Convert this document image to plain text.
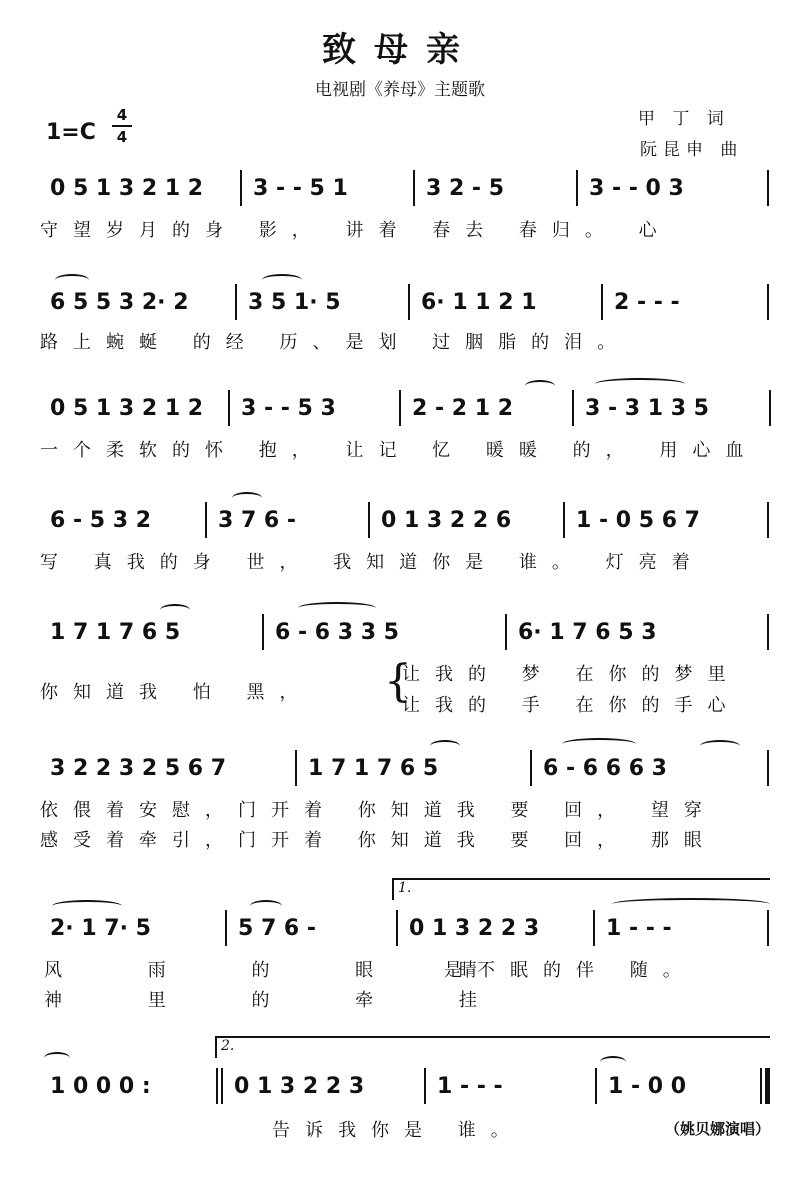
致母亲
电视剧《养母》主题歌
甲 丁 词
阮昆申 曲
1=C
4
4
0 5 1 3 2 1 2	3 - - 5 1	3 2 - 5	3 - - 0 3
守望岁月的身 影， 讲着 春去 春归。 心
6 5 5 3 2· 2	3 5 1· 5	6· 1 1 2 1	2 - - -
路上蜿蜒 的经 历、是划 过胭脂的泪。
0 5 1 3 2 1 2	3 - - 5 3	2 - 2 1 2	3 - 3 1 3 5
一个柔软的怀 抱， 让记 忆 暖暖 的， 用心血
6 - 5 3 2	3 7 6 -	0 1 3 2 2 6	1 - 0 5 6 7
写 真我的身 世， 我知道你是 谁。 灯亮着
1 7 1 7 6 5	6 - 6 3 3 5	6· 1 7 6 5 3
你知道我 怕 黑， {
让我的 梦 在你的梦里
让我的 手 在你的手心
3 2 2 3 2 5 6 7	1 7 1 7 6 5	6 - 6 6 6 3
依偎着安慰，门开着 你知道我 要 回， 望穿
感受着牵引，门开着 你知道我 要 回， 那眼
1.
2· 1 7· 5	5 7 6 -	0 1 3 2 2 3	1 - - -
风 雨 的 眼 睛
神 里 的 牵 挂
是不眠的伴 随。
2.
1 0 0 0 :	0 1 3 2 2 3	1 - - -	1 - 0 0
告诉我你是 谁。	（姚贝娜演唱）
